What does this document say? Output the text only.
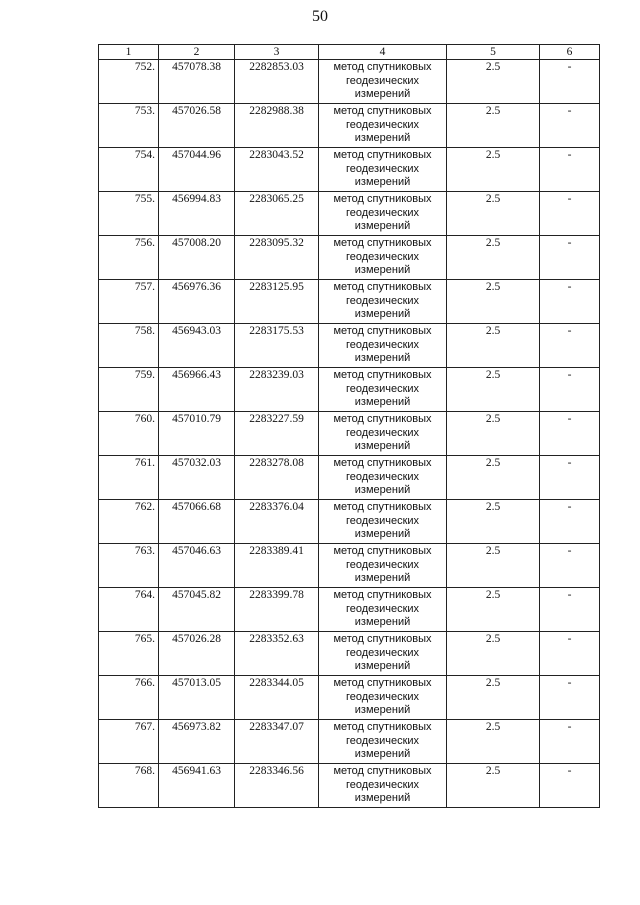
50
1	2	3	4	5	6
752.	457078.38	2282853.03	метод спутниковых геодезических измерений	2.5	-
753.	457026.58	2282988.38	метод спутниковых геодезических измерений	2.5	-
754.	457044.96	2283043.52	метод спутниковых геодезических измерений	2.5	-
755.	456994.83	2283065.25	метод спутниковых геодезических измерений	2.5	-
756.	457008.20	2283095.32	метод спутниковых геодезических измерений	2.5	-
757.	456976.36	2283125.95	метод спутниковых геодезических измерений	2.5	-
758.	456943.03	2283175.53	метод спутниковых геодезических измерений	2.5	-
759.	456966.43	2283239.03	метод спутниковых геодезических измерений	2.5	-
760.	457010.79	2283227.59	метод спутниковых геодезических измерений	2.5	-
761.	457032.03	2283278.08	метод спутниковых геодезических измерений	2.5	-
762.	457066.68	2283376.04	метод спутниковых геодезических измерений	2.5	-
763.	457046.63	2283389.41	метод спутниковых геодезических измерений	2.5	-
764.	457045.82	2283399.78	метод спутниковых геодезических измерений	2.5	-
765.	457026.28	2283352.63	метод спутниковых геодезических измерений	2.5	-
766.	457013.05	2283344.05	метод спутниковых геодезических измерений	2.5	-
767.	456973.82	2283347.07	метод спутниковых геодезических измерений	2.5	-
768.	456941.63	2283346.56	метод спутниковых геодезических измерений	2.5	-
